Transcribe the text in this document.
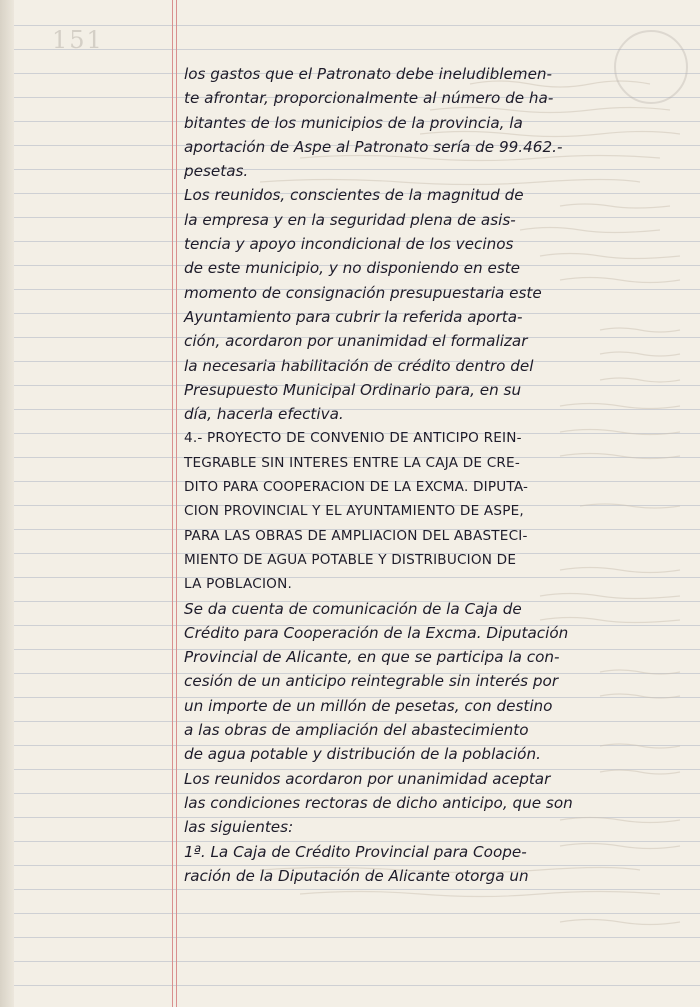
151
los gastos que el Patronato debe ineludiblemen-
te afrontar, proporcionalmente al número de ha-
bitantes de los municipios de la provincia, la
aportación de Aspe al Patronato sería de 99.462.-
pesetas.
Los reunidos, conscientes de la magnitud de
la empresa y en la seguridad plena de asis-
tencia y apoyo incondicional de los vecinos
de este municipio, y no disponiendo en este
momento de consignación presupuestaria este
Ayuntamiento para cubrir la referida aporta-
ción, acordaron por unanimidad el formalizar
la necesaria habilitación de crédito dentro del
Presupuesto Municipal Ordinario para, en su
día, hacerla efectiva.
4.- PROYECTO DE CONVENIO DE ANTICIPO REIN-
TEGRABLE SIN INTERES ENTRE LA CAJA DE CRE-
DITO PARA COOPERACION DE LA EXCMA. DIPUTA-
CION PROVINCIAL Y EL AYUNTAMIENTO DE ASPE,
PARA LAS OBRAS DE AMPLIACION DEL ABASTECI-
MIENTO DE AGUA POTABLE Y DISTRIBUCION DE
LA POBLACION.
Se da cuenta de comunicación de la Caja de
Crédito para Cooperación de la Excma. Diputación
Provincial de Alicante, en que se participa la con-
cesión de un anticipo reintegrable sin interés por
un importe de un millón de pesetas, con destino
a las obras de ampliación del abastecimiento
de agua potable y distribución de la población.
Los reunidos acordaron por unanimidad aceptar
las condiciones rectoras de dicho anticipo, que son
las siguientes:
1ª. La Caja de Crédito Provincial para Coope-
ración de la Diputación de Alicante otorga un
